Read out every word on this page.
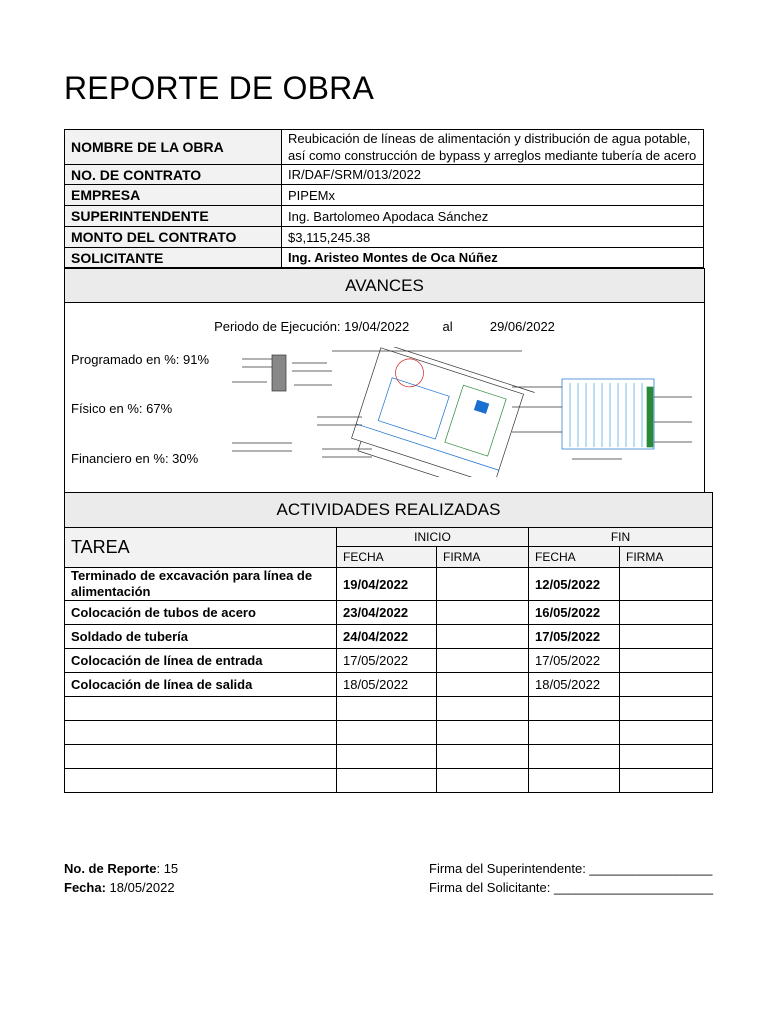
REPORTE DE OBRA
NOMBRE DE LA OBRA	Reubicación de líneas de alimentación y distribución de agua potable, así como construcción de bypass y arreglos mediante tubería de acero
NO. DE CONTRATO	IR/DAF/SRM/013/2022
EMPRESA	PIPEMx
SUPERINTENDENTE	Ing. Bartolomeo Apodaca Sánchez
MONTO DEL CONTRATO	$3,115,245.38
SOLICITANTE	Ing. Aristeo Montes de Oca Núñez
AVANCES
Periodo de Ejecución: 19/04/2022	al	29/06/2022
Programado en %: 91%
Físico en %: 67%
Financiero en %: 30%
ACTIVIDADES REALIZADAS				
TAREA	INICIO		FIN	
	FECHA	FIRMA	FECHA	FIRMA
Terminado de excavación para línea de alimentación	19/04/2022		12/05/2022	
Colocación de tubos de acero	23/04/2022		16/05/2022	
Soldado de tubería	24/04/2022		17/05/2022	
Colocación de línea de entrada	17/05/2022		17/05/2022	
Colocación de línea de salida	18/05/2022		18/05/2022	

No. de Reporte: 15
Fecha: 18/05/2022
Firma del Superintendente: _________________
Firma del Solicitante: ______________________
